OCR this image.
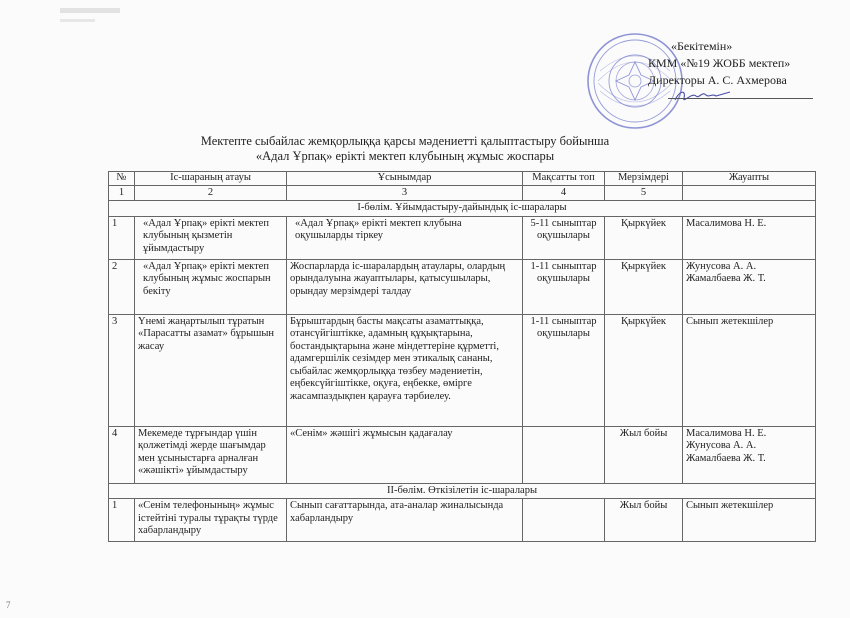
«Бекітемін»
КММ «№19 ЖОББ мектеп»
Директоры А. С. Ахмерова
Мектепте сыбайлас жемқорлыққа қарсы мәдениетті қалыптастыру бойынша
«Адал Ұрпақ» еріктi мектеп клубының жұмыс жоспары
№	Іс-шараның атауы	Ұсынымдар	Мақсатты топ	Мерзімдері	Жауапты
1	2	3	4	5	
І-бөлім. Ұйымдастыру-дайындық іс-шаралары					
1	«Адал Ұрпақ» еріктi мектеп клубының қызметін ұйымдастыру	«Адал Ұрпақ» еріктi мектеп клубына оқушыларды тіркеу	5-11 сыныптар оқушылары	Қыркүйек	Масалимова Н. Е.
2	«Адал Ұрпақ» еріктi мектеп клубының жұмыс жоспарын бекіту	Жоспарларда іс-шаралардың атаулары, олардың орындалуына жауаптылары, қатысушылары, орындау мерзімдері талдау	1-11 сыныптар оқушылары	Қыркүйек	Жунусова А. А.
Жамалбаева Ж. Т.
3	Үнемі жаңартылып тұратын «Парасатты азамат» бұрышын жасау	Бұрыштардың басты мақсаты азаматтыққа, отансүйгіштікке, адамның құқықтарына, бостандықтарына және міндеттеріне құрметті, адамгершілік сезімдер мен этикалық сананы, сыбайлас жемқорлыққа төзбеу мәдениетін, еңбексүйгіштікке, оқуға, еңбекке, өмірге жасампаздықпен қарауға тәрбиелеу.	1-11 сыныптар оқушылары	Қыркүйек	Сынып жетекшілер
4	Мекемеде тұрғындар үшін қолжетімді жерде шағымдар мен ұсыныстарға арналған «жәшікті» ұйымдастыру	«Сенім» жәшігі жұмысын қадағалау		Жыл бойы	Масалимова Н. Е.
Жунусова А. А.
Жамалбаева Ж. Т.
ІІ-бөлім. Өткізілетін іс-шаралары					
1	«Сенім телефонының» жұмыс істейтіні туралы тұрақты түрде хабарландыру	Сынып сағаттарында, ата-аналар жиналысында хабарландыру		Жыл бойы	Сынып жетекшілер
7
